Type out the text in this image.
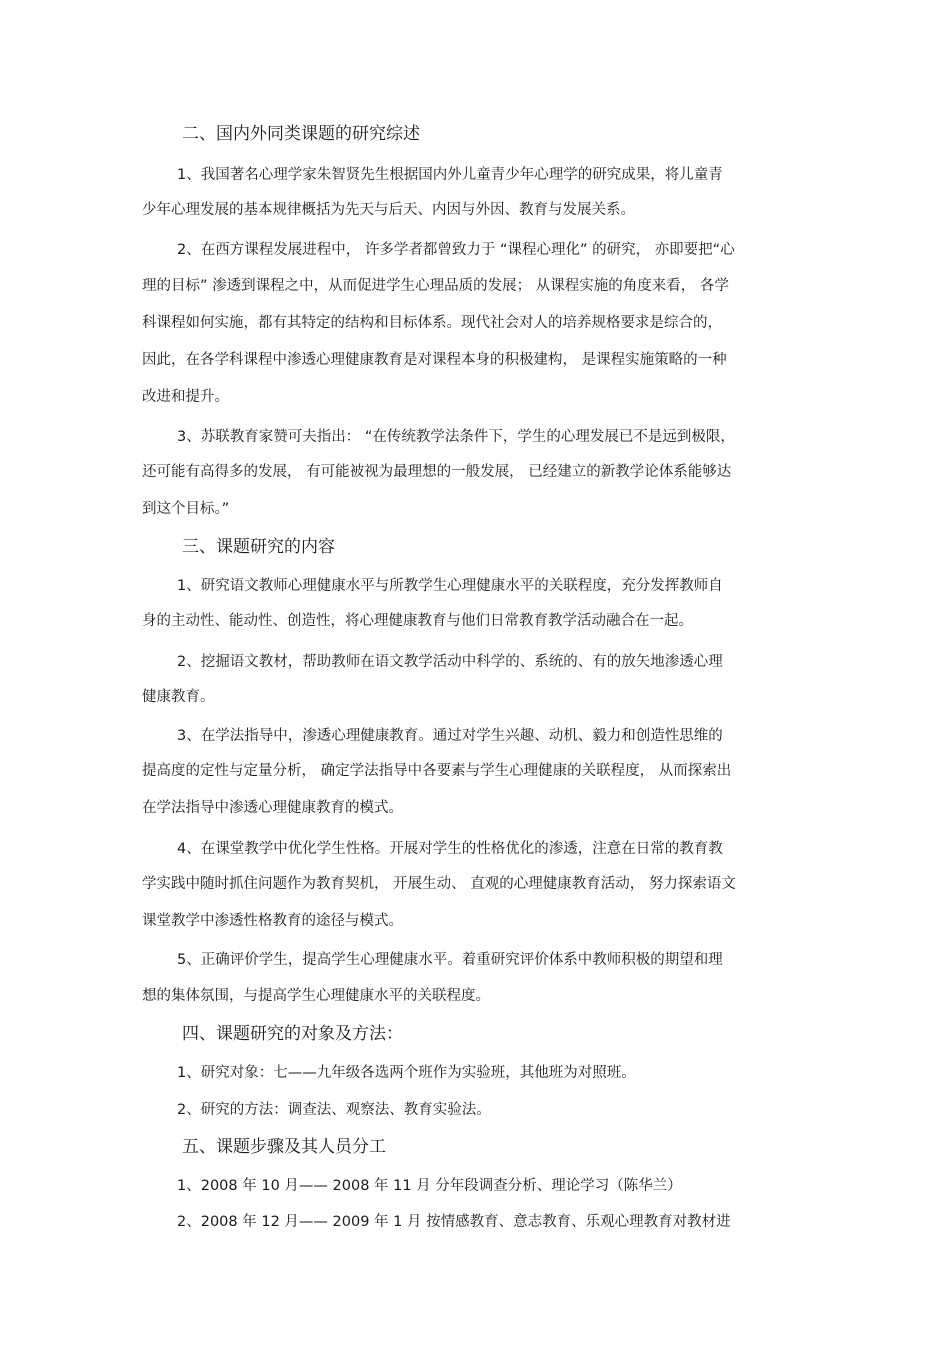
二、国内外同类课题的研究综述
1、我国著名心理学家朱智贤先生根据国内外儿童青少年心理学的研究成果，将儿童青
少年心理发展的基本规律概括为先天与后天、内因与外因、教育与发展关系。
2、在西方课程发展进程中， 许多学者都曾致力于 “课程心理化” 的研究， 亦即要把“心
理的目标” 渗透到课程之中，从而促进学生心理品质的发展； 从课程实施的角度来看， 各学
科课程如何实施，都有其特定的结构和目标体系。现代社会对人的培养规格要求是综合的，
因此，在各学科课程中渗透心理健康教育是对课程本身的积极建构， 是课程实施策略的一种
改进和提升。
3、苏联教育家赞可夫指出： “在传统教学法条件下，学生的心理发展已不是远到极限，
还可能有高得多的发展， 有可能被视为最理想的一般发展， 已经建立的新教学论体系能够达
到这个目标。”
三、课题研究的内容
1、研究语文教师心理健康水平与所教学生心理健康水平的关联程度，充分发挥教师自
身的主动性、能动性、创造性，将心理健康教育与他们日常教育教学活动融合在一起。
2、挖掘语文教材，帮助教师在语文教学活动中科学的、系统的、有的放矢地渗透心理
健康教育。
3、在学法指导中，渗透心理健康教育。通过对学生兴趣、动机、毅力和创造性思维的
提高度的定性与定量分析， 确定学法指导中各要素与学生心理健康的关联程度， 从而探索出
在学法指导中渗透心理健康教育的模式。
4、在课堂教学中优化学生性格。开展对学生的性格优化的渗透，注意在日常的教育教
学实践中随时抓住问题作为教育契机， 开展生动、 直观的心理健康教育活动， 努力探索语文
课堂教学中渗透性格教育的途径与模式。
5、正确评价学生，提高学生心理健康水平。着重研究评价体系中教师积极的期望和理
想的集体氛围，与提高学生心理健康水平的关联程度。
四、课题研究的对象及方法：
1、研究对象：七——九年级各选两个班作为实验班，其他班为对照班。
2、研究的方法：调查法、观察法、教育实验法。
五、课题步骤及其人员分工
1、2008 年 10 月—— 2008 年 11 月 分年段调查分析、理论学习（陈华兰）
2、2008 年 12 月—— 2009 年 1 月 按情感教育、意志教育、乐观心理教育对教材进
